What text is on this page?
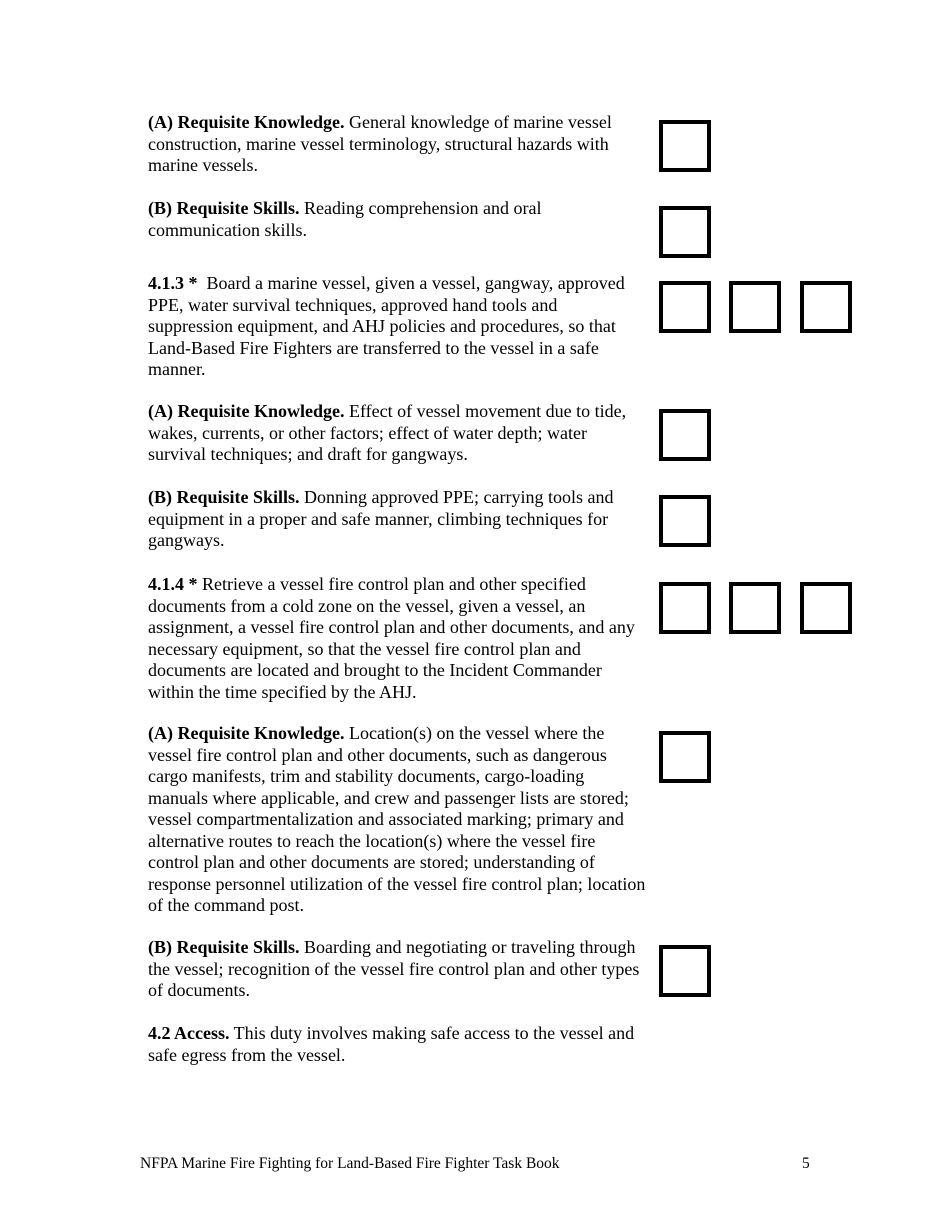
(A) Requisite Knowledge. General knowledge of marine vessel construction, marine vessel terminology, structural hazards with marine vessels.

(B) Requisite Skills. Reading comprehension and oral communication skills.

4.1.3 *  Board a marine vessel, given a vessel, gangway, approved PPE, water survival techniques, approved hand tools and suppression equipment, and AHJ policies and procedures, so that Land-Based Fire Fighters are transferred to the vessel in a safe manner.

(A) Requisite Knowledge. Effect of vessel movement due to tide, wakes, currents, or other factors; effect of water depth; water survival techniques; and draft for gangways.

(B) Requisite Skills. Donning approved PPE; carrying tools and equipment in a proper and safe manner, climbing techniques for gangways.

4.1.4 * Retrieve a vessel fire control plan and other specified documents from a cold zone on the vessel, given a vessel, an assignment, a vessel fire control plan and other documents, and any necessary equipment, so that the vessel fire control plan and documents are located and brought to the Incident Commander within the time specified by the AHJ.

(A) Requisite Knowledge. Location(s) on the vessel where the vessel fire control plan and other documents, such as dangerous cargo manifests, trim and stability documents, cargo-loading manuals where applicable, and crew and passenger lists are stored; vessel compartmentalization and associated marking; primary and alternative routes to reach the location(s) where the vessel fire control plan and other documents are stored; understanding of response personnel utilization of the vessel fire control plan; location of the command post.

(B) Requisite Skills. Boarding and negotiating or traveling through the vessel; recognition of the vessel fire control plan and other types of documents.

4.2 Access. This duty involves making safe access to the vessel and safe egress from the vessel.

NFPA Marine Fire Fighting for Land-Based Fire Fighter Task Book	5
